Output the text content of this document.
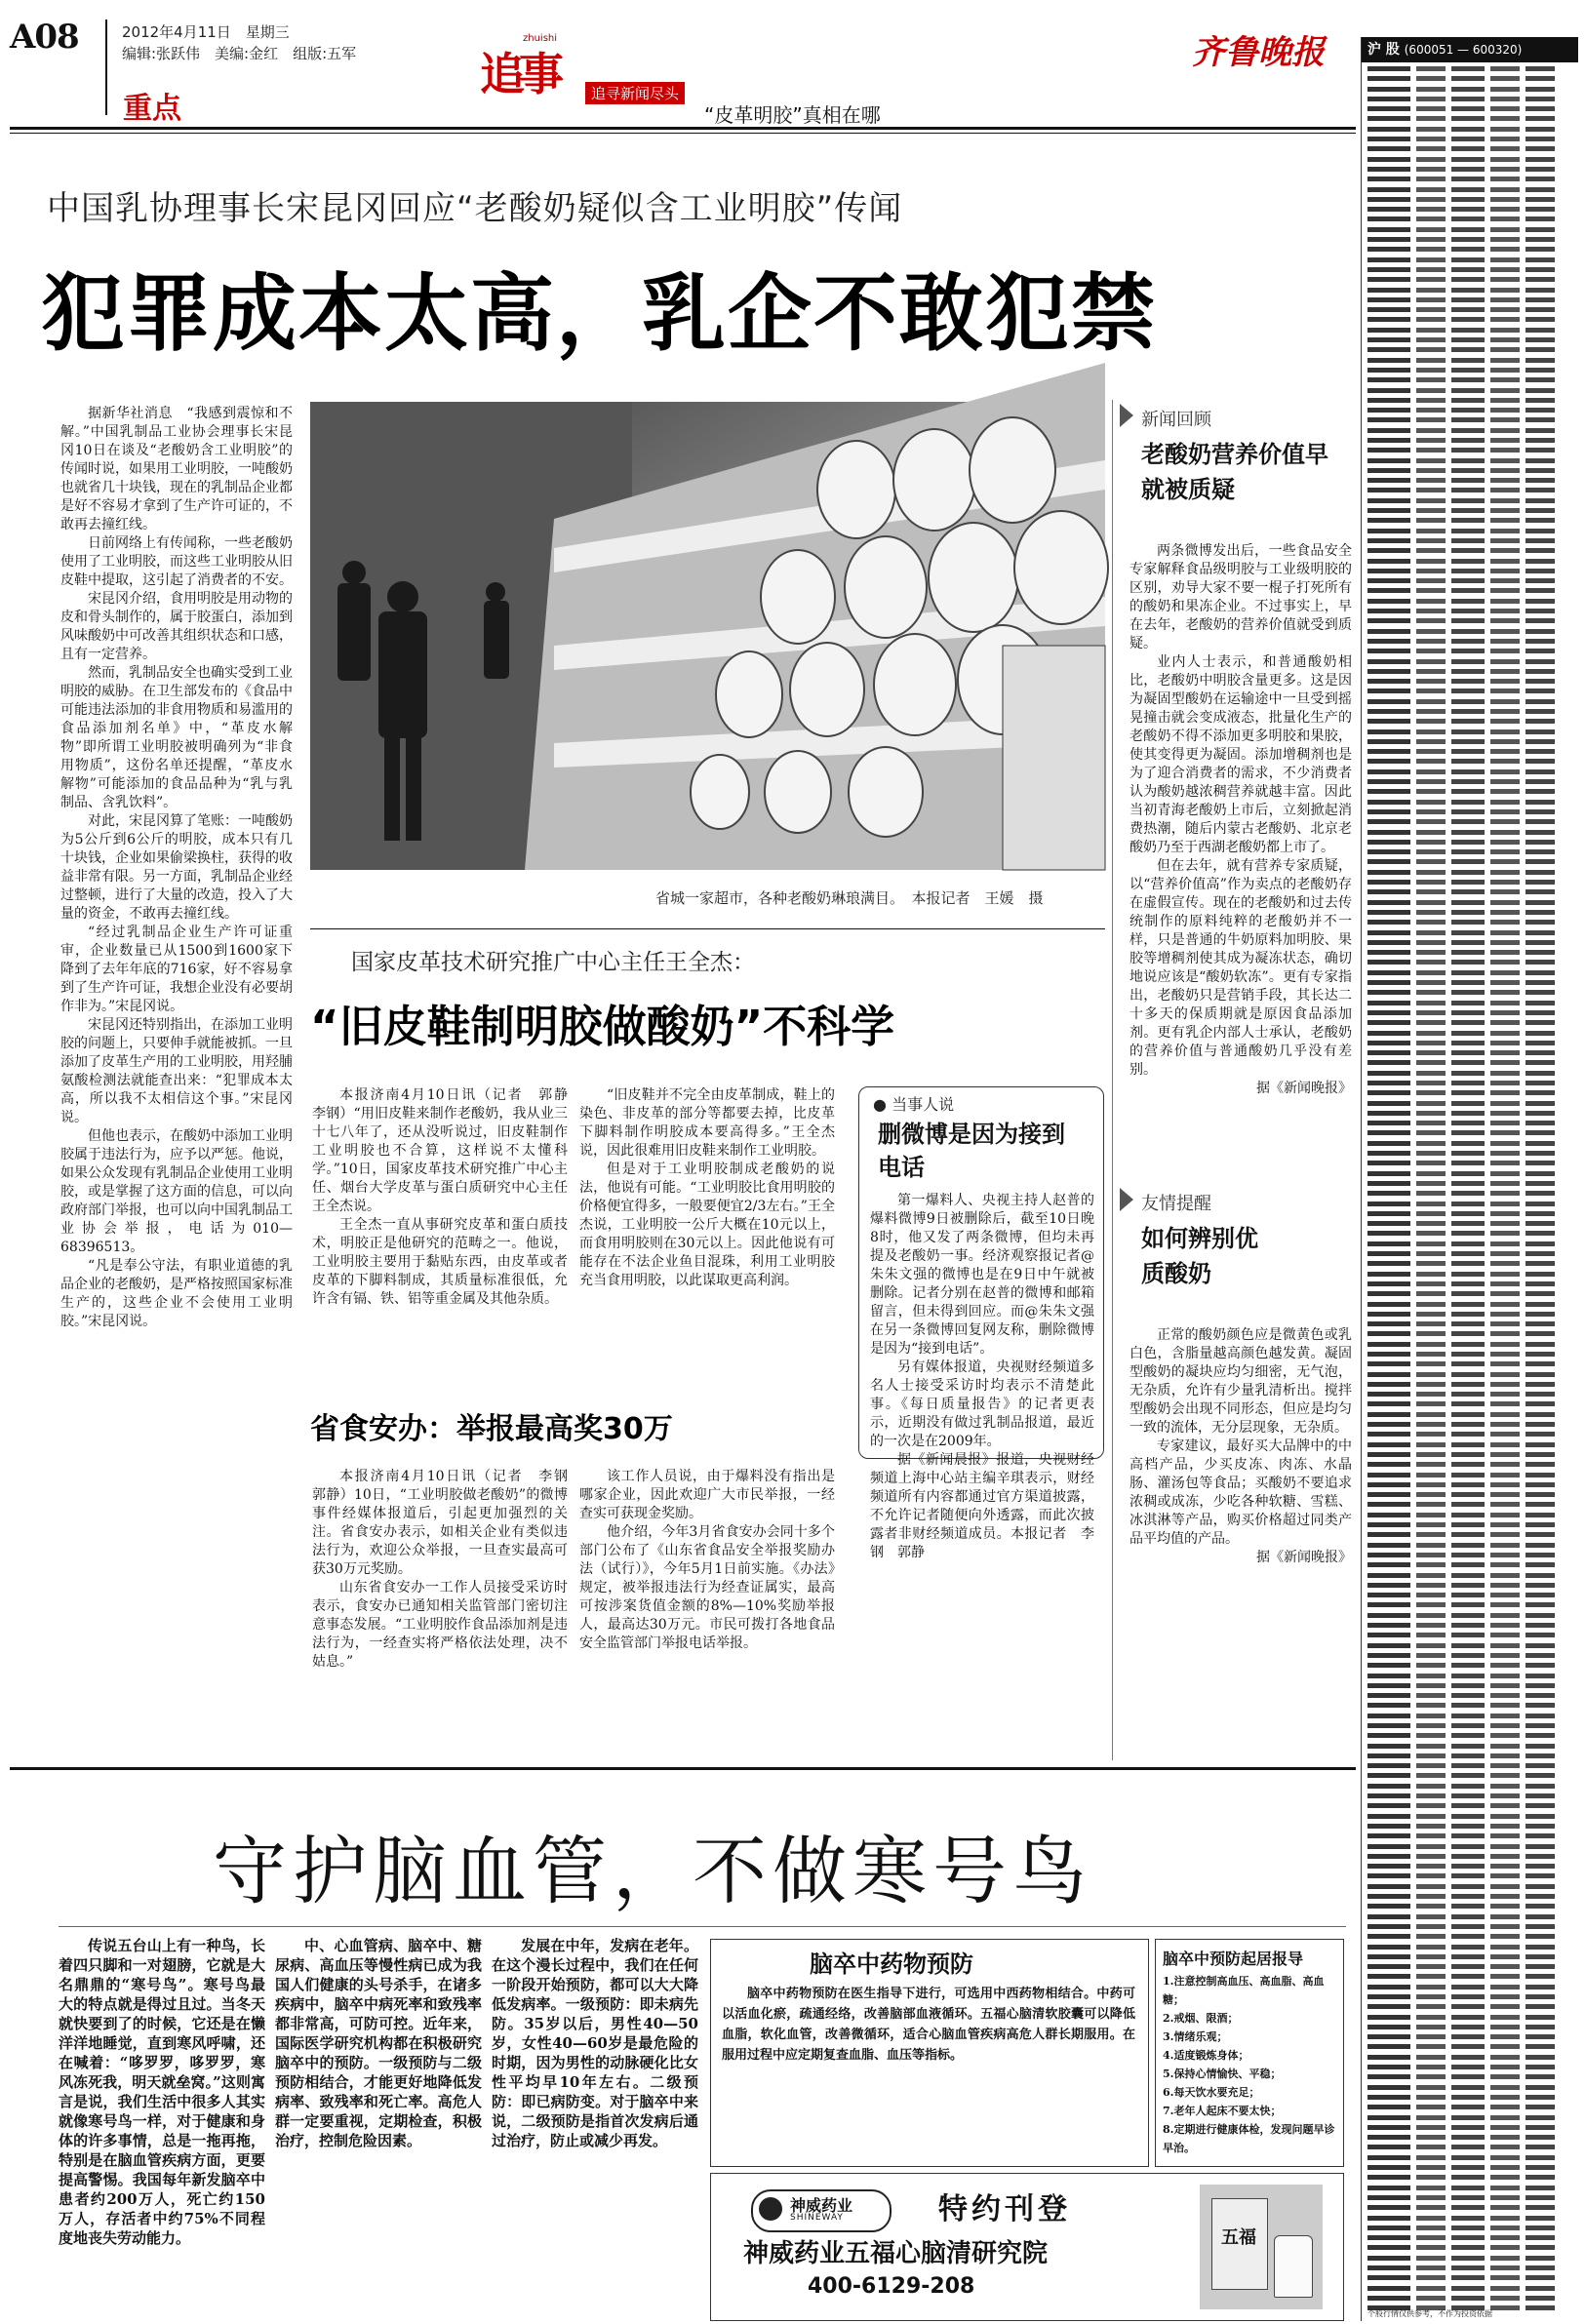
A08	2012年4月11日　星期三
编辑:张跃伟　美编:金红　组版:五军
重点
zhuishi
追事	追寻新闻尽头
“皮革明胶”真相在哪
齐鲁晚报	沪 股 (600051 — 600320)
个股行情仅供参考，不作为投资依据
中国乳协理事长宋昆冈回应“老酸奶疑似含工业明胶”传闻
犯罪成本太高，乳企不敢犯禁

据新华社消息　“我感到震惊和不解。”中国乳制品工业协会理事长宋昆冈10日在谈及“老酸奶含工业明胶”的传闻时说，如果用工业明胶，一吨酸奶也就省几十块钱，现在的乳制品企业都是好不容易才拿到了生产许可证的，不敢再去撞红线。

日前网络上有传闻称，一些老酸奶使用了工业明胶，而这些工业明胶从旧皮鞋中提取，这引起了消费者的不安。

宋昆冈介绍，食用明胶是用动物的皮和骨头制作的，属于胶蛋白，添加到风味酸奶中可改善其组织状态和口感，且有一定营养。

然而，乳制品安全也确实受到工业明胶的威胁。在卫生部发布的《食品中可能违法添加的非食用物质和易滥用的食品添加剂名单》中，“革皮水解物”即所谓工业明胶被明确列为“非食用物质”，这份名单还提醒，“革皮水解物”可能添加的食品品种为“乳与乳制品、含乳饮料”。

对此，宋昆冈算了笔账：一吨酸奶为5公斤到6公斤的明胶，成本只有几十块钱，企业如果偷梁换柱，获得的收益非常有限。另一方面，乳制品企业经过整顿，进行了大量的改造，投入了大量的资金，不敢再去撞红线。

“经过乳制品企业生产许可证重审，企业数量已从1500到1600家下降到了去年年底的716家，好不容易拿到了生产许可证，我想企业没有必要胡作非为。”宋昆冈说。

宋昆冈还特别指出，在添加工业明胶的问题上，只要伸手就能被抓。一旦添加了皮革生产用的工业明胶，用羟脯氨酸检测法就能查出来：“犯罪成本太高，所以我不太相信这个事。”宋昆冈说。

但他也表示，在酸奶中添加工业明胶属于违法行为，应予以严惩。他说，如果公众发现有乳制品企业使用工业明胶，或是掌握了这方面的信息，可以向政府部门举报，也可以向中国乳制品工业协会举报，电话为010—68396513。

“凡是奉公守法，有职业道德的乳品企业的老酸奶，是严格按照国家标准生产的，这些企业不会使用工业明胶。”宋昆冈说。

省城一家超市，各种老酸奶琳琅满目。　本报记者　王媛　摄
国家皮革技术研究推广中心主任王全杰：
“旧皮鞋制明胶做酸奶”不科学

本报济南4月10日讯（记者　郭静　李钢）“用旧皮鞋来制作老酸奶，我从业三十七八年了，还从没听说过，旧皮鞋制作工业明胶也不合算，这样说不太懂科学。”10日，国家皮革技术研究推广中心主任、烟台大学皮革与蛋白质研究中心主任王全杰说。

王全杰一直从事研究皮革和蛋白质技术，明胶正是他研究的范畴之一。他说，工业明胶主要用于黏贴东西，由皮革或者皮革的下脚料制成，其质量标准很低，允许含有镉、铁、铝等重金属及其他杂质。

“旧皮鞋并不完全由皮革制成，鞋上的染色、非皮革的部分等都要去掉，比皮革下脚料制作明胶成本要高得多。”王全杰说，因此很难用旧皮鞋来制作工业明胶。

但是对于工业明胶制成老酸奶的说法，他说有可能。“工业明胶比食用明胶的价格便宜得多，一般要便宜2/3左右。”王全杰说，工业明胶一公斤大概在10元以上，而食用明胶则在30元以上。因此他说有可能存在不法企业鱼目混珠，利用工业明胶充当食用明胶，以此谋取更高利润。

省食安办：举报最高奖30万

本报济南4月10日讯（记者　李钢　郭静）10日，“工业明胶做老酸奶”的微博事件经媒体报道后，引起更加强烈的关注。省食安办表示，如相关企业有类似违法行为，欢迎公众举报，一旦查实最高可获30万元奖励。

山东省食安办一工作人员接受采访时表示，食安办已通知相关监管部门密切注意事态发展。“工业明胶作食品添加剂是违法行为，一经查实将严格依法处理，决不姑息。”

该工作人员说，由于爆料没有指出是哪家企业，因此欢迎广大市民举报，一经查实可获现金奖励。

他介绍，今年3月省食安办会同十多个部门公布了《山东省食品安全举报奖励办法（试行）》，今年5月1日前实施。《办法》规定，被举报违法行为经查证属实，最高可按涉案货值金额的8%—10%奖励举报人，最高达30万元。市民可拨打各地食品安全监管部门举报电话举报。

● 当事人说
删微博是因为接到电话

第一爆料人、央视主持人赵普的爆料微博9日被删除后，截至10日晚8时，他又发了两条微博，但均未再提及老酸奶一事。经济观察报记者@朱朱文强的微博也是在9日中午就被删除。记者分别在赵普的微博和邮箱留言，但未得到回应。而@朱朱文强在另一条微博回复网友称，删除微博是因为“接到电话”。

另有媒体报道，央视财经频道多名人士接受采访时均表示不清楚此事。《每日质量报告》的记者更表示，近期没有做过乳制品报道，最近的一次是在2009年。

据《新闻晨报》报道，央视财经频道上海中心站主编辛琪表示，财经频道所有内容都通过官方渠道披露，不允许记者随便向外透露，而此次披露者非财经频道成员。本报记者　李钢　郭静

新闻回顾
老酸奶营养价值早就被质疑

两条微博发出后，一些食品安全专家解释食品级明胶与工业级明胶的区别，劝导大家不要一棍子打死所有的酸奶和果冻企业。不过事实上，早在去年，老酸奶的营养价值就受到质疑。

业内人士表示，和普通酸奶相比，老酸奶中明胶含量更多。这是因为凝固型酸奶在运输途中一旦受到摇晃撞击就会变成液态，批量化生产的老酸奶不得不添加更多明胶和果胶，使其变得更为凝固。添加增稠剂也是为了迎合消费者的需求，不少消费者认为酸奶越浓稠营养就越丰富。因此当初青海老酸奶上市后，立刻掀起消费热潮，随后内蒙古老酸奶、北京老酸奶乃至于西湖老酸奶都上市了。

但在去年，就有营养专家质疑，以“营养价值高”作为卖点的老酸奶存在虚假宣传。现在的老酸奶和过去传统制作的原料纯粹的老酸奶并不一样，只是普通的牛奶原料加明胶、果胶等增稠剂使其成为凝冻状态，确切地说应该是“酸奶软冻”。更有专家指出，老酸奶只是营销手段，其长达二十多天的保质期就是原因食品添加剂。更有乳企内部人士承认，老酸奶的营养价值与普通酸奶几乎没有差别。

据《新闻晚报》

友情提醒
如何辨别优质酸奶

正常的酸奶颜色应是微黄色或乳白色，含脂量越高颜色越发黄。凝固型酸奶的凝块应均匀细密，无气泡，无杂质，允许有少量乳清析出。搅拌型酸奶会出现不同形态，但应是均匀一致的流体，无分层现象，无杂质。

专家建议，最好买大品牌中的中高档产品，少买皮冻、肉冻、水晶肠、灌汤包等食品；买酸奶不要追求浓稠或成冻，少吃各种软糖、雪糕、冰淇淋等产品，购买价格超过同类产品平均值的产品。

据《新闻晚报》

守护脑血管，不做寒号鸟
传说五台山上有一种鸟，长着四只脚和一对翅膀，它就是大名鼎鼎的“寒号鸟”。寒号鸟最大的特点就是得过且过。当冬天就快要到了的时候，它还是在懒洋洋地睡觉，直到寒风呼啸，还在喊着：“哆罗罗，哆罗罗，寒风冻死我，明天就垒窝。”这则寓言是说，我们生活中很多人其实就像寒号鸟一样，对于健康和身体的许多事情，总是一拖再拖，特别是在脑血管疾病方面，更要提高警惕。我国每年新发脑卒中患者约200万人，死亡约150万人，存活者中约75%不同程度地丧失劳动能力。
中、心血管病、脑卒中、糖尿病、高血压等慢性病已成为我国人们健康的头号杀手，在诸多疾病中，脑卒中病死率和致残率都非常高，可防可控。近年来，国际医学研究机构都在积极研究脑卒中的预防。一级预防与二级预防相结合，才能更好地降低发病率、致残率和死亡率。高危人群一定要重视，定期检查，积极治疗，控制危险因素。
发展在中年，发病在老年。在这个漫长过程中，我们在任何一阶段开始预防，都可以大大降低发病率。一级预防：即未病先防。35岁以后，男性40—50岁，女性40—60岁是最危险的时期，因为男性的动脉硬化比女性平均早10年左右。二级预防：即已病防变。对于脑卒中来说，二级预防是指首次发病后通过治疗，防止或减少再发。
脑卒中药物预防
脑卒中药物预防在医生指导下进行，可选用中西药物相结合。中药可以活血化瘀，疏通经络，改善脑部血液循环。五福心脑清软胶囊可以降低血脂，软化血管，改善微循环，适合心脑血管疾病高危人群长期服用。在服用过程中应定期复查血脂、血压等指标。
脑卒中预防起居报导
1.注意控制高血压、高血脂、高血糖；
2.戒烟、限酒；
3.情绪乐观；
4.适度锻炼身体；
5.保持心情愉快、平稳；
6.每天饮水要充足；
7.老年人起床不要太快；
8.定期进行健康体检，发现问题早诊早治。
神威药业
SHINEWAY	特约刊登
神威药业五福心脑清研究院
400-6129-208
五福
